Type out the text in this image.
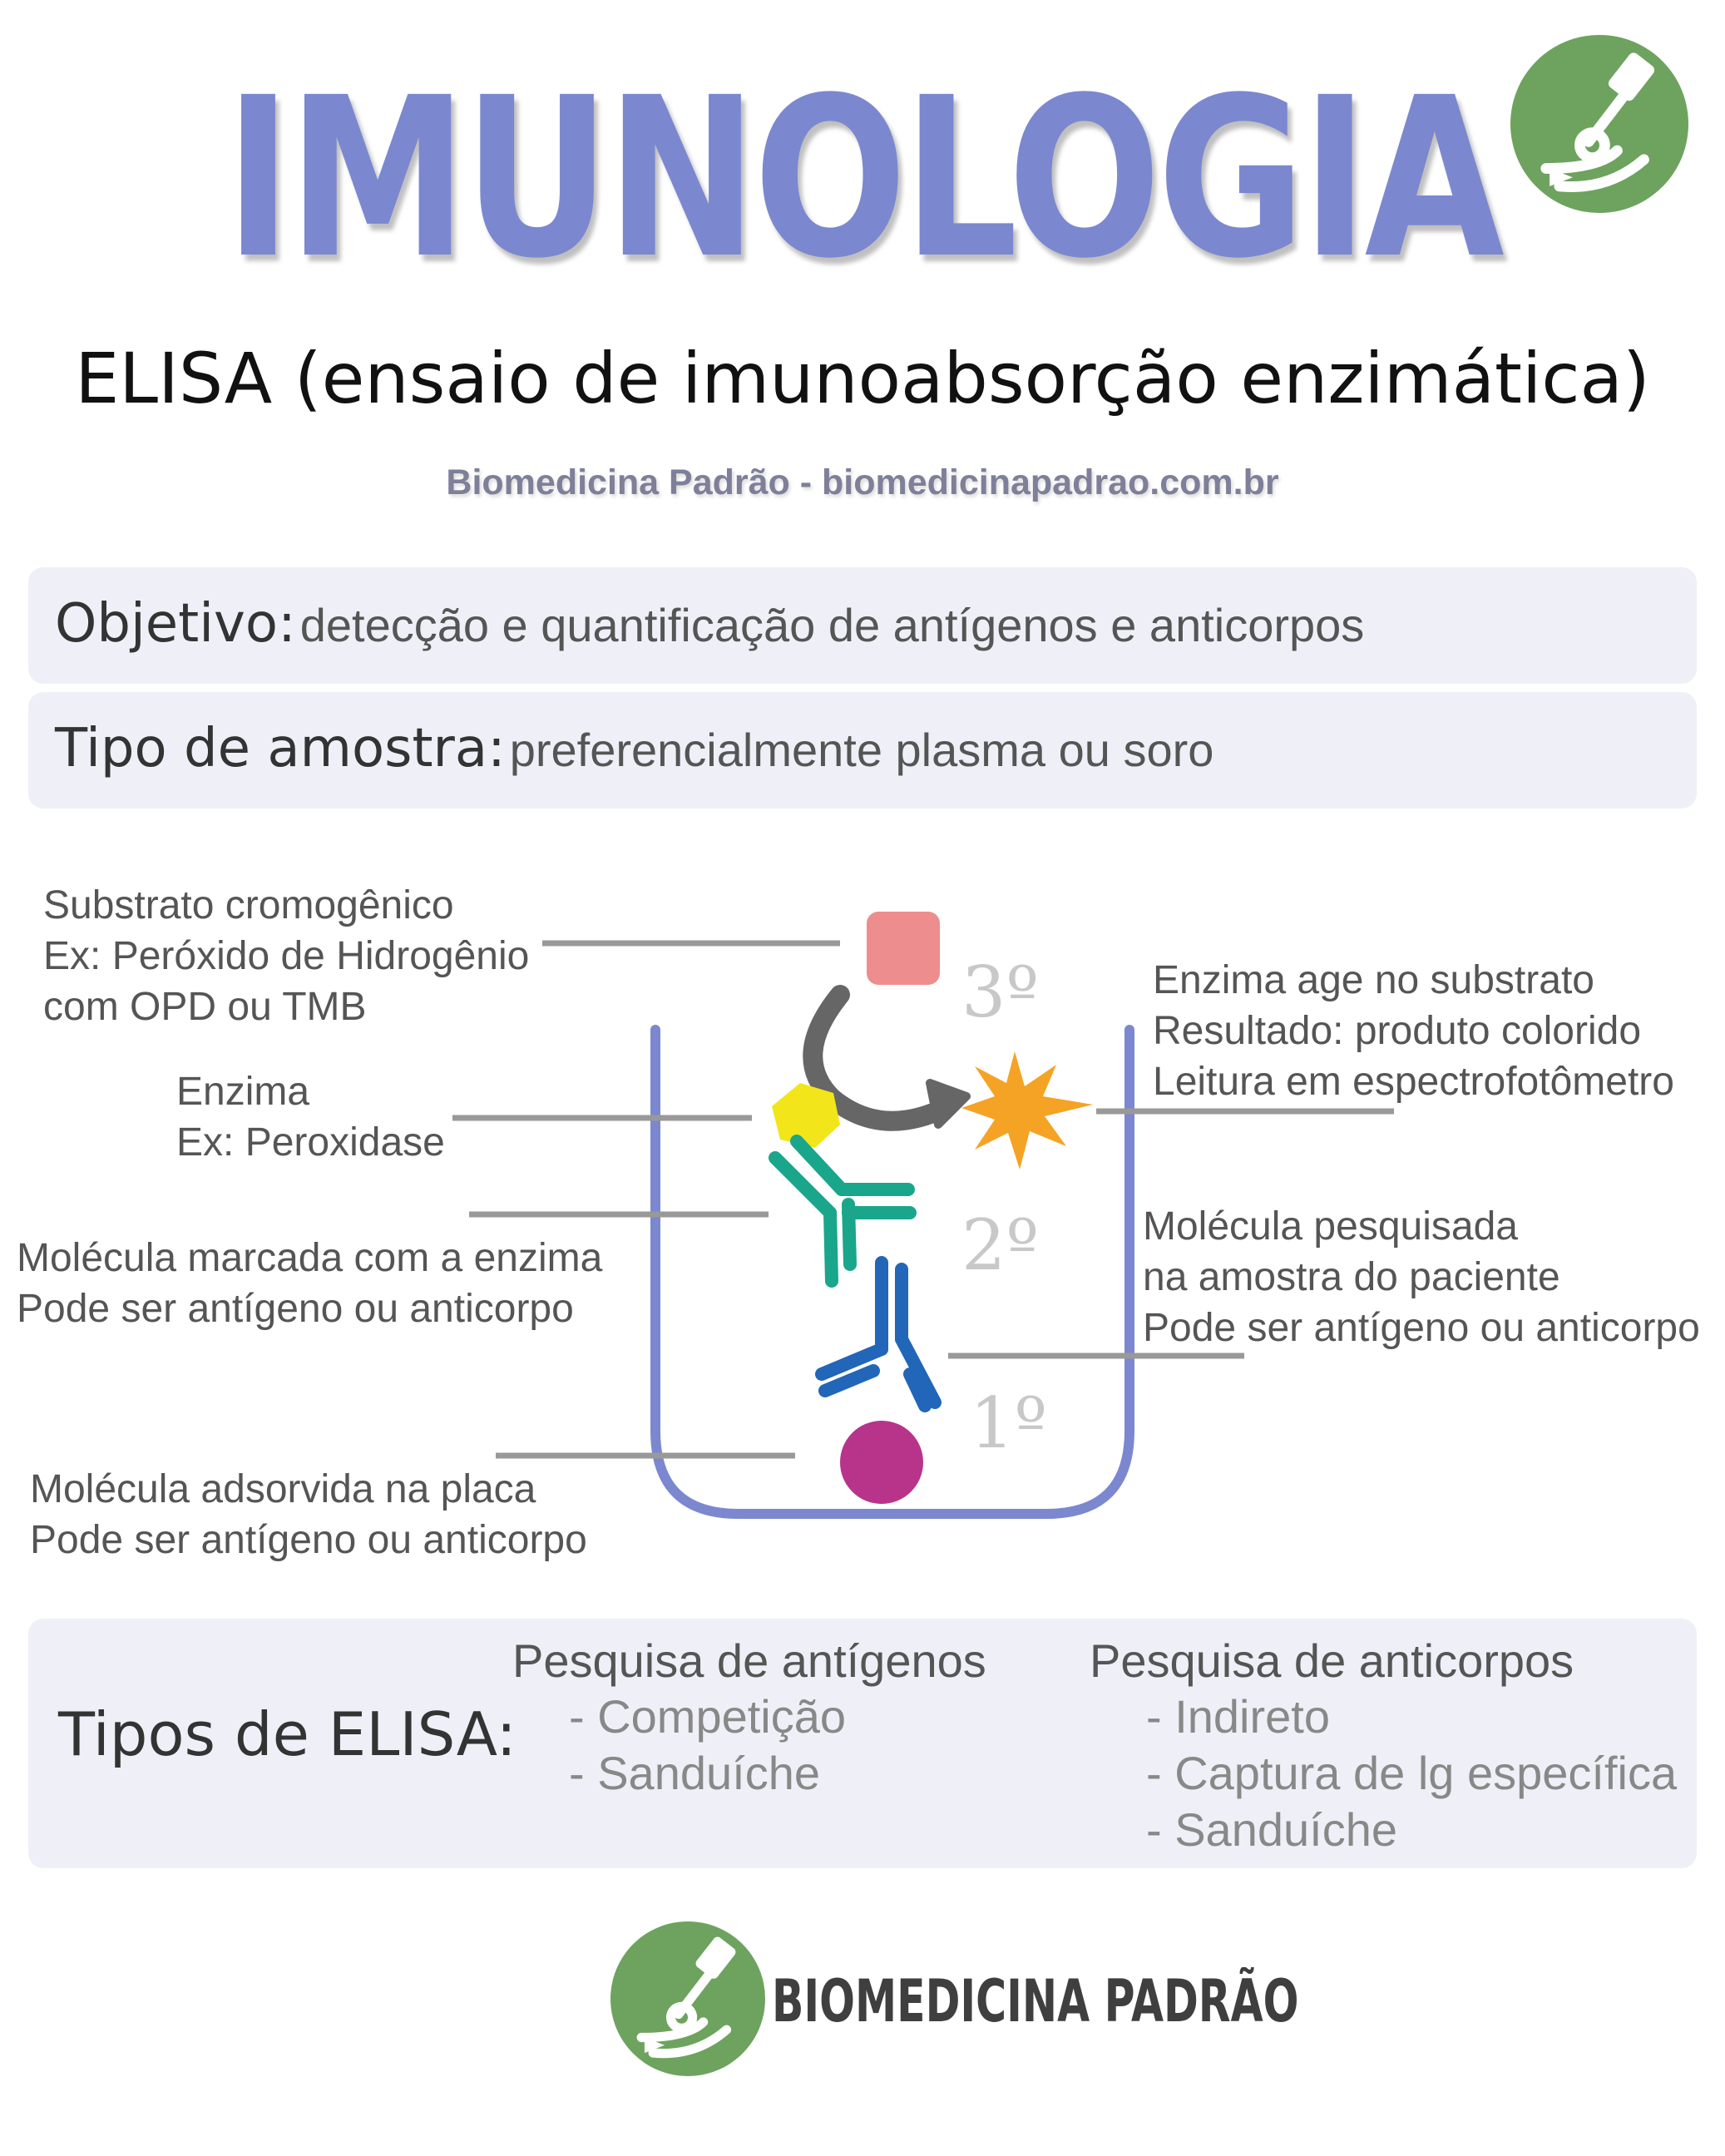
IMUNOLOGIA
ELISA (ensaio de imunoabsorção enzimática)
Biomedicina Padrão - biomedicinapadrao.com.br
Objetivo: detecção e quantificação de antígenos e anticorpos
Tipo de amostra: preferencialmente plasma ou soro
3º
2º
1º
Substrato cromogênico
Ex: Peróxido de Hidrogênio
com OPD ou TMB
Enzima
Ex: Peroxidase
Molécula marcada com a enzima
Pode ser antígeno ou anticorpo
Molécula adsorvida na placa
Pode ser antígeno ou anticorpo
Enzima age no substrato
Resultado: produto colorido
Leitura em espectrofotômetro
Molécula pesquisada
na amostra do paciente
Pode ser antígeno ou anticorpo
Tipos de ELISA:
Pesquisa de antígenos
- Competição
- Sanduíche
Pesquisa de anticorpos
- Indireto
- Captura de lg específica
- Sanduíche
BIOMEDICINA PADRÃO
